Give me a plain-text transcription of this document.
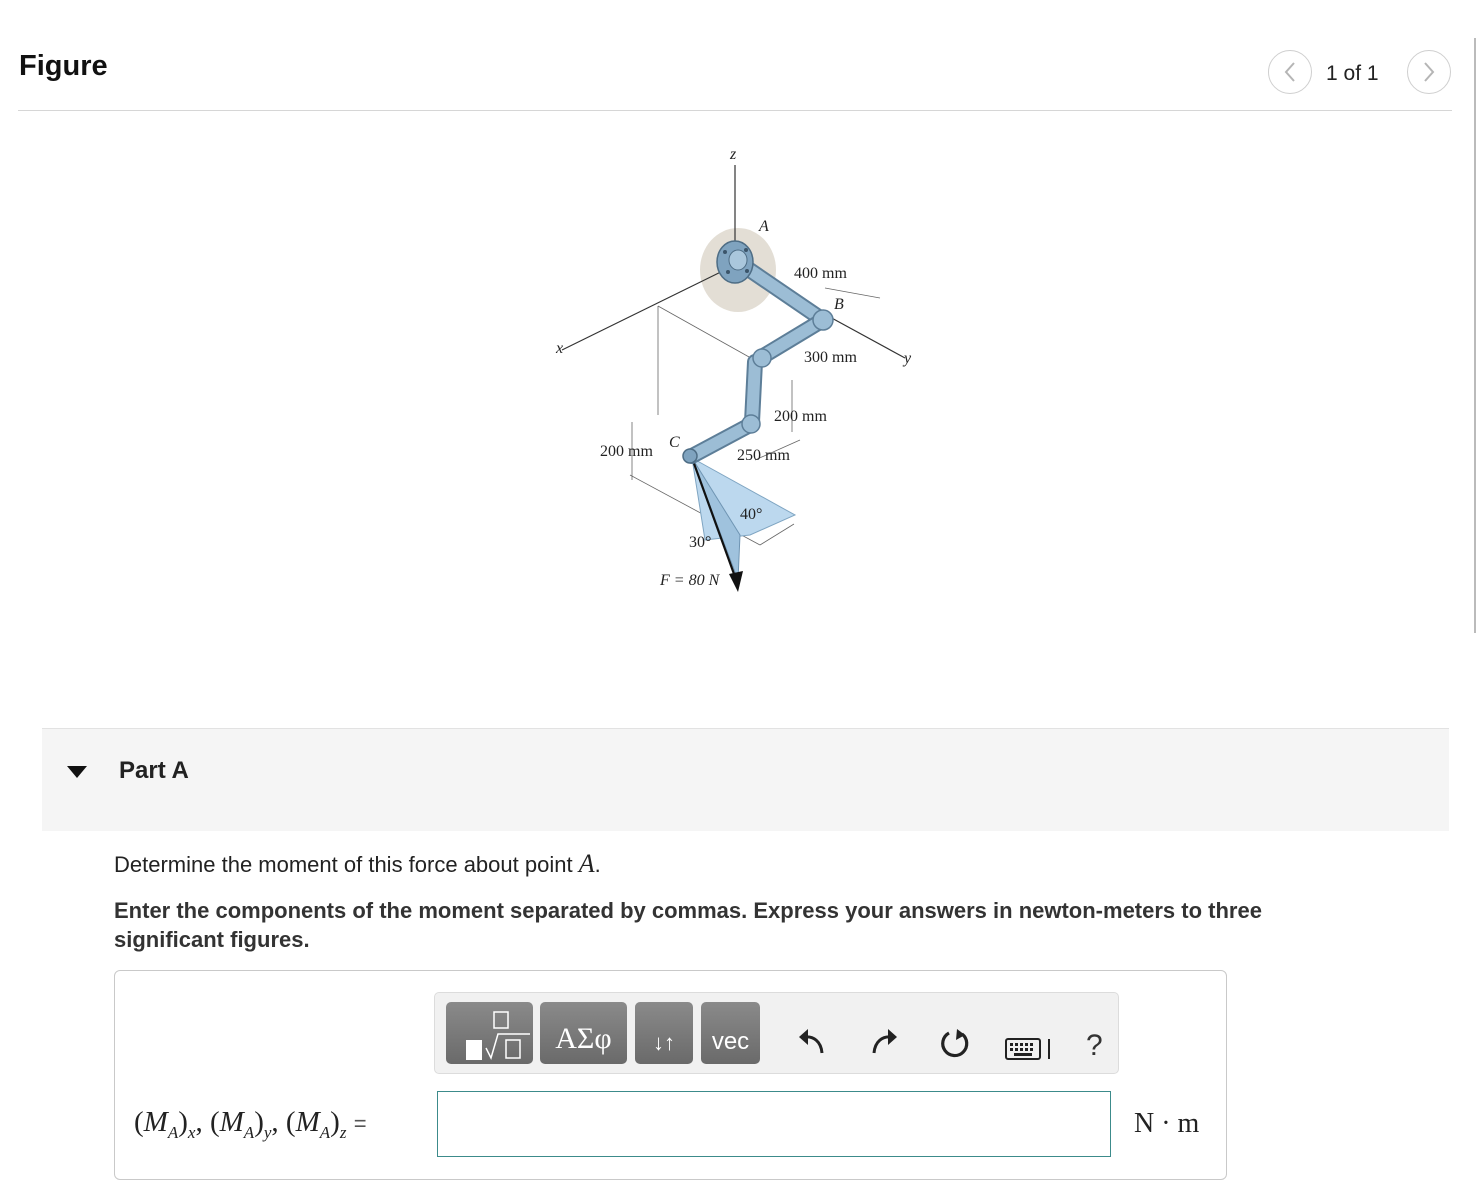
Figure	1 of 1
z
x
y
A
B
C
400 mm
300 mm
200 mm
200 mm	250 mm
40°
30°
F = 80 N
Part A
Determine the moment of this force about point A.
Enter the components of the moment separated by commas. Express your answers in newton-meters to three significant figures.
ΑΣφ	↓↑	vec	?
$(M_A)_x$, $(M_A)_y$, $(M_A)_z$ =	N · m
